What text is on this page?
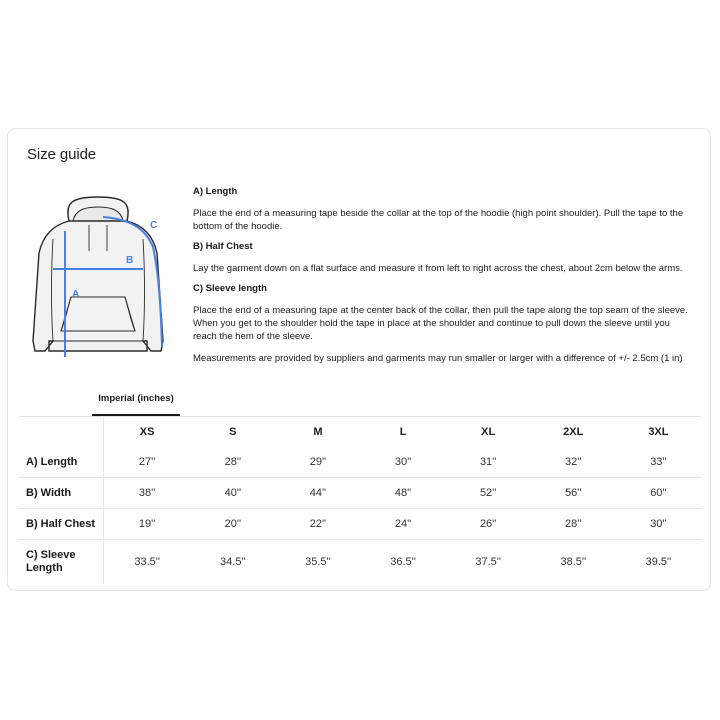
Size guide
A
B
C

A) Length

Place the end of a measuring tape beside the collar at the top of the hoodie (high point shoulder). Pull the tape to the bottom of the hoodie.

B) Half Chest

Lay the garment down on a flat surface and measure it from left to right across the chest, about 2cm below the arms.

C) Sleeve length

Place the end of a measuring tape at the center back of the collar, then pull the tape along the top seam of the sleeve. When you get to the shoulder hold the tape in place at the shoulder and continue to pull down the sleeve until you reach the hem of the sleeve.

Measurements are provided by suppliers and garments may run smaller or larger with a difference of +/- 2.5cm (1 in)

Imperial (inches)
	XS	S	M	L	XL	2XL	3XL
A) Length	27''	28''	29''	30''	31''	32''	33''
B) Width	38''	40''	44''	48''	52''	56''	60''
B) Half Chest	19''	20''	22''	24''	26''	28''	30''
C) Sleeve Length	33.5''	34.5''	35.5''	36.5''	37.5''	38.5''	39.5''
